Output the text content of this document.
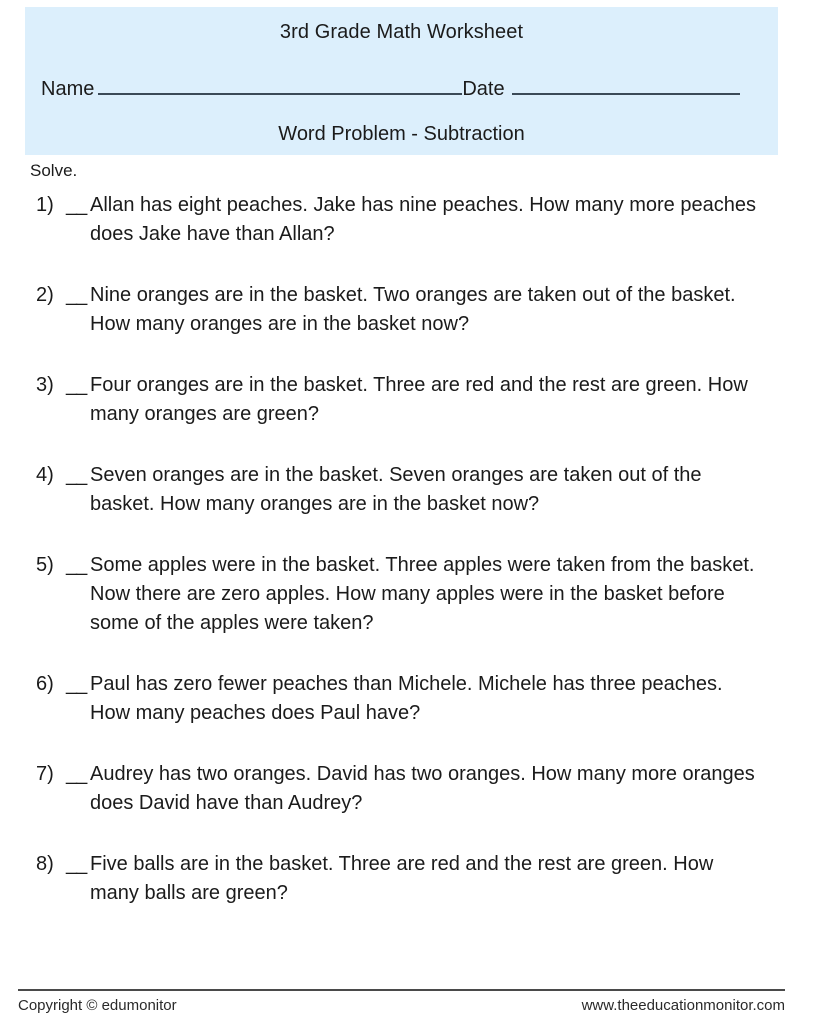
3rd Grade Math Worksheet
Name	Date
Word Problem - Subtraction
Solve.
1) __ Allan has eight peaches. Jake has nine peaches. How many more peaches does Jake have than Allan?
2) __ Nine oranges are in the basket. Two oranges are taken out of the basket. How many oranges are in the basket now?
3) __ Four oranges are in the basket. Three are red and the rest are green. How many oranges are green?
4) __ Seven oranges are in the basket. Seven oranges are taken out of the basket. How many oranges are in the basket now?
5) __ Some apples were in the basket. Three apples were taken from the basket. Now there are zero apples. How many apples were in the basket before some of the apples were taken?
6) __ Paul has zero fewer peaches than Michele. Michele has three peaches. How many peaches does Paul have?
7) __ Audrey has two oranges. David has two oranges. How many more oranges does David have than Audrey?
8) __ Five balls are in the basket. Three are red and the rest are green. How many balls are green?
Copyright © edumonitor	www.theeducationmonitor.com
